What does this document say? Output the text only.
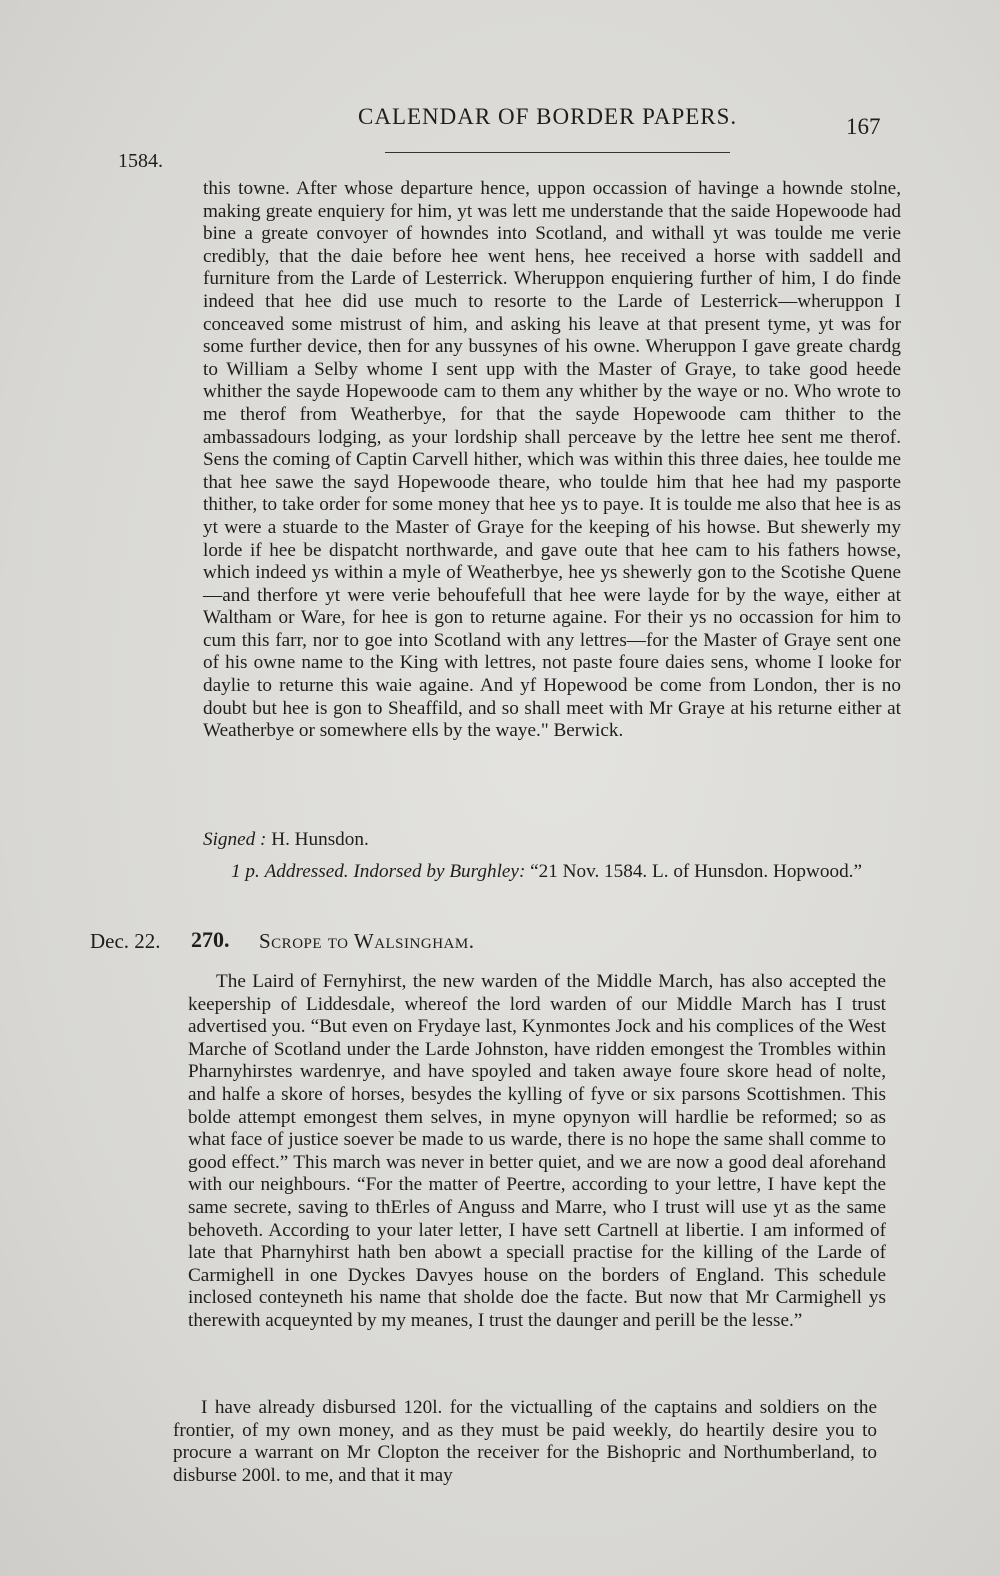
CALENDAR OF BORDER PAPERS.	167
1584.

this towne. After whose departure hence, uppon occassion of havinge a hownde stolne, making greate enquiery for him, yt was lett me understande that the saide Hopewoode had bine a greate convoyer of howndes into Scotland, and withall yt was toulde me verie credibly, that the daie before hee went hens, hee received a horse with saddell and furniture from the Larde of Lesterrick. Wheruppon enquiering further of him, I do finde indeed that hee did use much to resorte to the Larde of Lesterrick—wheruppon I conceaved some mistrust of him, and asking his leave at that present tyme, yt was for some further device, then for any bussynes of his owne. Wheruppon I gave greate chardg to William a Selby whome I sent upp with the Master of Graye, to take good heede whither the sayde Hopewoode cam to them any whither by the waye or no. Who wrote to me therof from Weatherbye, for that the sayde Hopewoode cam thither to the ambassadours lodging, as your lordship shall perceave by the lettre hee sent me therof. Sens the coming of Captin Carvell hither, which was within this three daies, hee toulde me that hee sawe the sayd Hopewoode theare, who toulde him that hee had my pasporte thither, to take order for some money that hee ys to paye. It is toulde me also that hee is as yt were a stuarde to the Master of Graye for the keeping of his howse. But shewerly my lorde if hee be dispatcht northwarde, and gave oute that hee cam to his fathers howse, which indeed ys within a myle of Weatherbye, hee ys shewerly gon to the Scotishe Quene—and therfore yt were verie behoufefull that hee were layde for by the waye, either at Waltham or Ware, for hee is gon to returne againe. For their ys no occassion for him to cum this farr, nor to goe into Scotland with any lettres—for the Master of Graye sent one of his owne name to the King with lettres, not paste foure daies sens, whome I looke for daylie to returne this waie againe. And yf Hopewood be come from London, ther is no doubt but hee is gon to Sheaffild, and so shall meet with Mr Graye at his returne either at Weatherbye or somewhere ells by the waye." Berwick.

Signed : H. Hunsdon.
1 p. Addressed. Indorsed by Burghley: “21 Nov. 1584. L. of Hunsdon. Hopwood.”
Dec. 22. 270. Scrope to Walsingham.

The Laird of Fernyhirst, the new warden of the Middle March, has also accepted the keepership of Liddesdale, whereof the lord warden of our Middle March has I trust advertised you. “But even on Frydaye last, Kynmontes Jock and his complices of the West Marche of Scotland under the Larde Johnston, have ridden emongest the Trombles within Pharnyhirstes wardenrye, and have spoyled and taken awaye foure skore head of nolte, and halfe a skore of horses, besydes the kylling of fyve or six parsons Scottishmen. This bolde attempt emongest them selves, in myne opynyon will hardlie be reformed; so as what face of justice soever be made to us warde, there is no hope the same shall comme to good effect.” This march was never in better quiet, and we are now a good deal aforehand with our neighbours. “For the matter of Peertre, according to your lettre, I have kept the same secrete, saving to thErles of Anguss and Marre, who I trust will use yt as the same behoveth. According to your later letter, I have sett Cartnell at libertie. I am informed of late that Pharnyhirst hath ben abowt a speciall practise for the killing of the Larde of Carmighell in one Dyckes Davyes house on the borders of England. This schedule inclosed conteyneth his name that sholde doe the facte. But now that Mr Carmighell ys therewith acqueynted by my meanes, I trust the daunger and perill be the lesse.”

I have already disbursed 120l. for the victualling of the captains and soldiers on the frontier, of my own money, and as they must be paid weekly, do heartily desire you to procure a warrant on Mr Clopton the receiver for the Bishopric and Northumberland, to disburse 200l. to me, and that it may
